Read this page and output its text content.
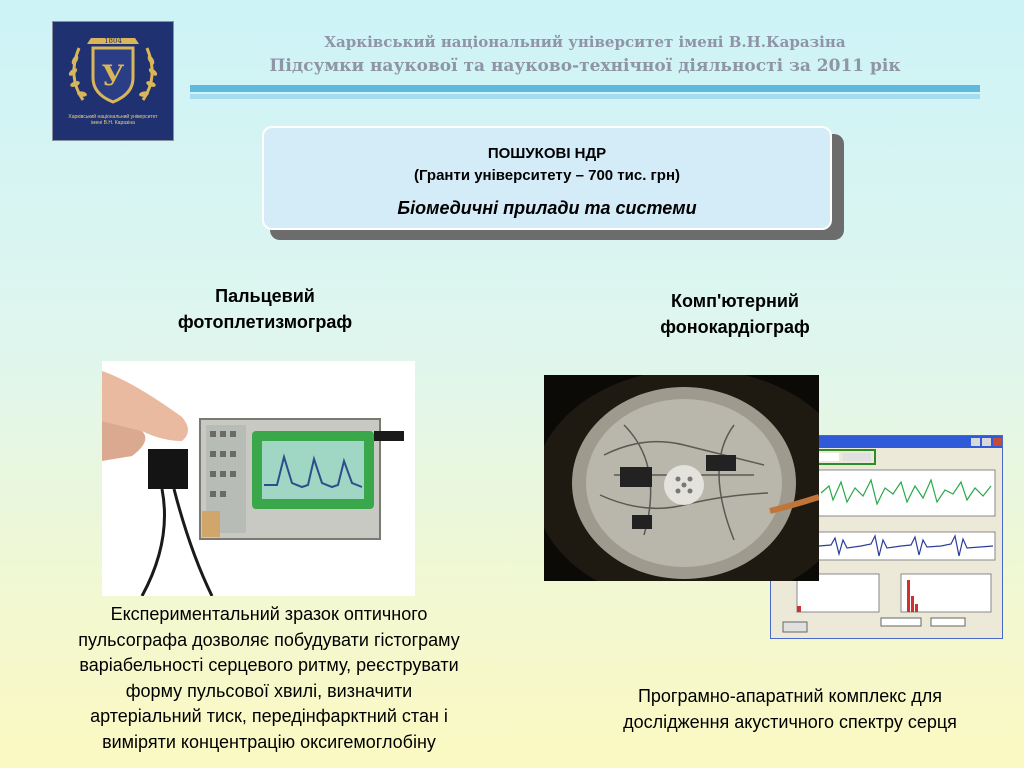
У
1804
Харківський національний університет
імені В.Н. Каразіна
Харківський національний університет імені В.Н.Каразіна
Підсумки наукової та науково-технічної діяльності за 2011 рік
ПОШУКОВІ НДР
(Гранти університету – 700 тис. грн)
Біомедичні прилади та системи
Пальцевий
фотоплетизмограф
Комп'ютерний
фонокардіограф
Експериментальний зразок оптичного
пульсографа дозволяє побудувати гістограму
варіабельності серцевого ритму, реєструвати
форму пульсової хвилі, визначити
артеріальний тиск, передінфарктний стан і
виміряти концентрацію оксигемоглобіну
Програмно-апаратний комплекс для
дослідження акустичного спектру серця
